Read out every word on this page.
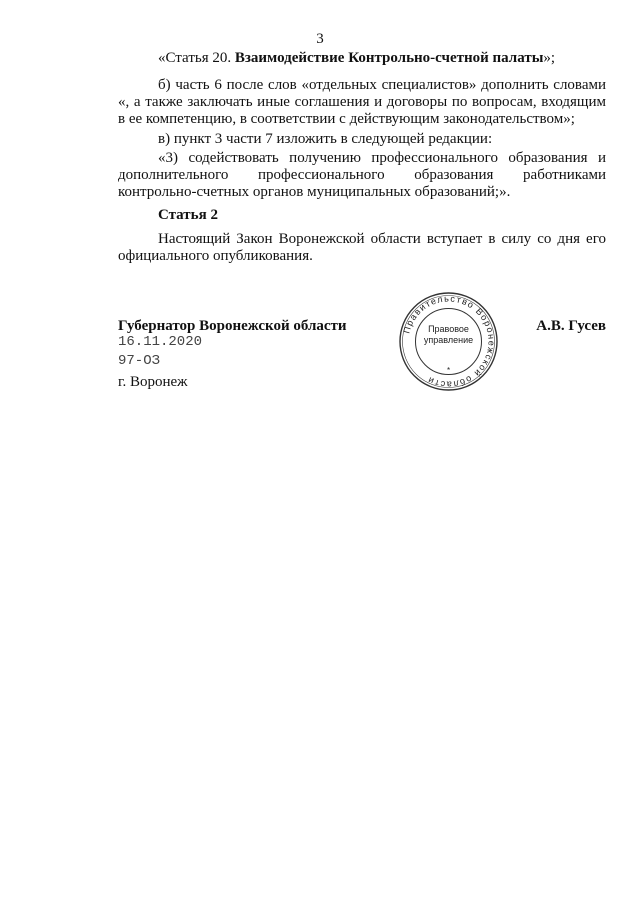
3
«Статья 20. Взаимодействие Контрольно-счетной палаты»;
б) часть 6 после слов «отдельных специалистов» дополнить словами «, а также заключать иные соглашения и договоры по вопросам, входящим в ее компетенцию, в соответствии с действующим законодательством»;
в) пункт 3 части 7 изложить в следующей редакции:
«3) содействовать получению профессионального образования и дополнительного профессионального образования работниками контрольно-счетных органов муниципальных образований;».
Статья 2
Настоящий Закон Воронежской области вступает в силу со дня его официального опубликования.
Губернатор Воронежской области	А.В. Гусев
16.11.2020
97-ОЗ
г. Воронеж
Правительство Воронежской области
Правовое
управление
*
